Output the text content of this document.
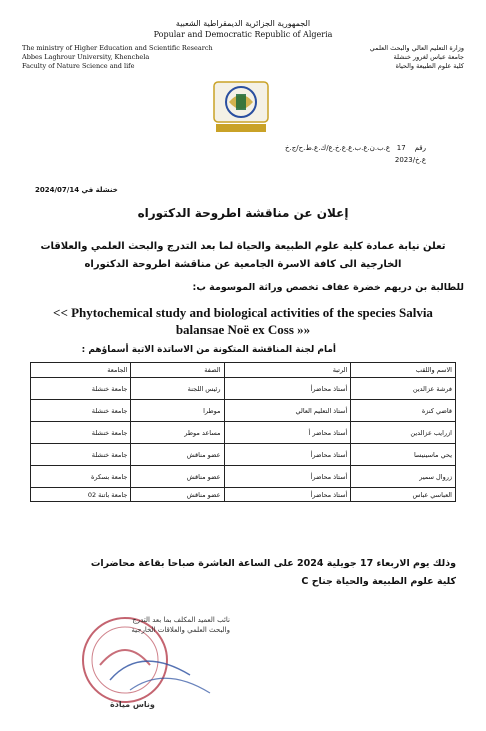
الجمهورية الجزائرية الديمقراطية الشعبية
Popular and Democratic Republic of Algeria
The ministry of Higher Education and Scientific Research
Abbes Laghrour University, Khenchela
Faculty of Nature Science and life
وزارة التعليم العالي والبحث العلمي
جامعة عباس لغرور خنشلة
كلية علوم الطبيعة والحياة
رقم    17   ع.ب.ن.ع.ب.ع.ع.خ.ع/ك.ع.ط.ح/ج.خ
ع.خ/2023
خنشلة في 2024/07/14
إعلان عن مناقشة اطروحة الدكتوراه
تعلن نيابة عمادة كلية علوم الطبيعة والحياة لما بعد التدرج والبحث العلمي والعلاقات الخارجية الى كافة الاسرة الجامعية عن مناقشة اطروحة الدكتوراه
للطالبة بن دريهم خضرة عفاف تخصص وراثة الموسومة ب:
<< Phytochemical study and biological activities of the species Salvia balansae Noë ex Coss »»
أمام لجنة المناقشة المتكونة من الاساتذة الاتية أسماؤهم :
الاسم واللقب	الرتبة	الصفة	الجامعة
فرشة عزالدين	أستاذ محاضرأ	رئيس اللجنة	جامعة خنشلة
قاضي كنزة	أستاذ التعليم العالي	موطرا	جامعة خنشلة
ازرايب عزالدين	أستاذ محاضر أ	مساعد موطر	جامعة خنشلة
يحي ماسينيسا	أستاذ محاضرأ	عضو مناقش	جامعة خنشلة
زروال سمير	أستاذ محاضرأ	عضو مناقش	جامعة بسكرة
العباسي عباس	أستاذ محاضرأ	عضو مناقش	جامعة باتنة 02
وذلك يوم الاربعاء 17 جويلية 2024 على الساعة العاشرة صباحا بقاعة محاضرات
كلية علوم الطبيعة والحياة جناح C
نائب العميد المكلف بما بعد التدرج
والبحث العلمي والعلاقات الخارجية
وناس ميادة
